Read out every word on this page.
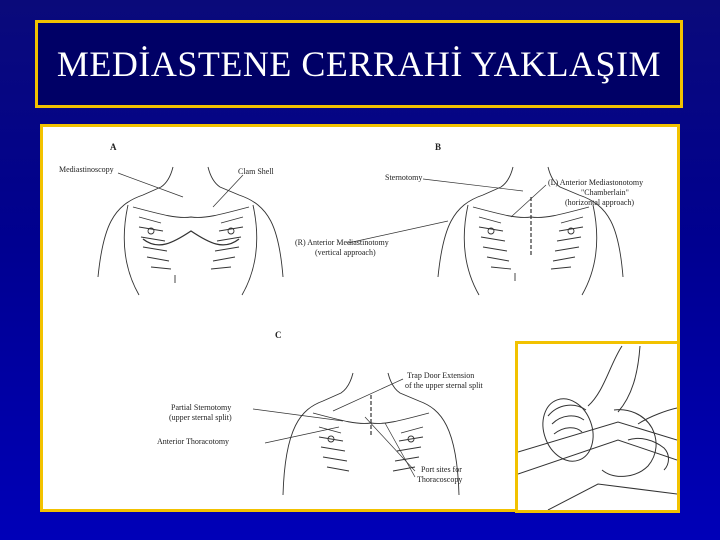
MEDİASTENE CERRAHİ YAKLAŞIM
A
Mediastinoscopy	Clam Shell
B
Sternotomy
(L) Anterior Mediastonotomy
"Chamberlain"
(horizontal approach)
(R) Anterior Mediastinotomy
(vertical approach)
C
Trap Door Extension
of the upper sternal split
Partial Sternotomy
(upper sternal split)
Anterior Thoracotomy
Port sites for
Thoracoscopy
